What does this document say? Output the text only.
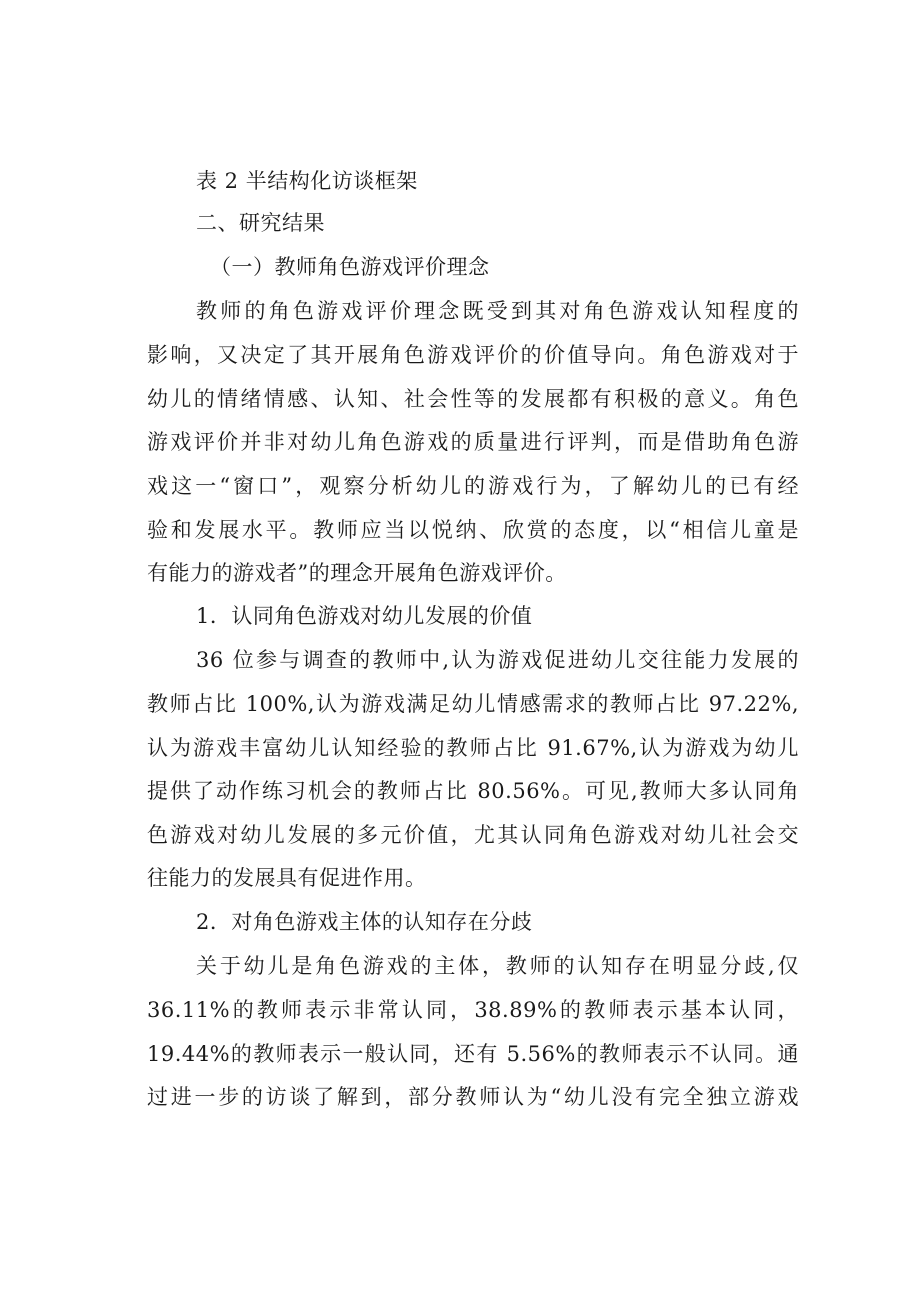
表 2 半结构化访谈框架
二、研究结果
（一）教师角色游戏评价理念
教师的角色游戏评价理念既受到其对角色游戏认知程度的
影响，又决定了其开展角色游戏评价的价值导向。角色游戏对于
幼儿的情绪情感、认知、社会性等的发展都有积极的意义。角色
游戏评价并非对幼儿角色游戏的质量进行评判，而是借助角色游
戏这一“窗口”，观察分析幼儿的游戏行为，了解幼儿的已有经
验和发展水平。教师应当以悦纳、欣赏的态度，以“相信儿童是
有能力的游戏者”的理念开展角色游戏评价。
1．认同角色游戏对幼儿发展的价值
36 位参与调查的教师中,认为游戏促进幼儿交往能力发展的
教师占比 100%,认为游戏满足幼儿情感需求的教师占比 97.22%,
认为游戏丰富幼儿认知经验的教师占比 91.67%,认为游戏为幼儿
提供了动作练习机会的教师占比 80.56%。可见,教师大多认同角
色游戏对幼儿发展的多元价值，尤其认同角色游戏对幼儿社会交
往能力的发展具有促进作用。
2．对角色游戏主体的认知存在分歧
关于幼儿是角色游戏的主体，教师的认知存在明显分歧,仅
36.11%的教师表示非常认同，38.89%的教师表示基本认同，
19.44%的教师表示一般认同，还有 5.56%的教师表示不认同。通
过进一步的访谈了解到，部分教师认为“幼儿没有完全独立游戏
